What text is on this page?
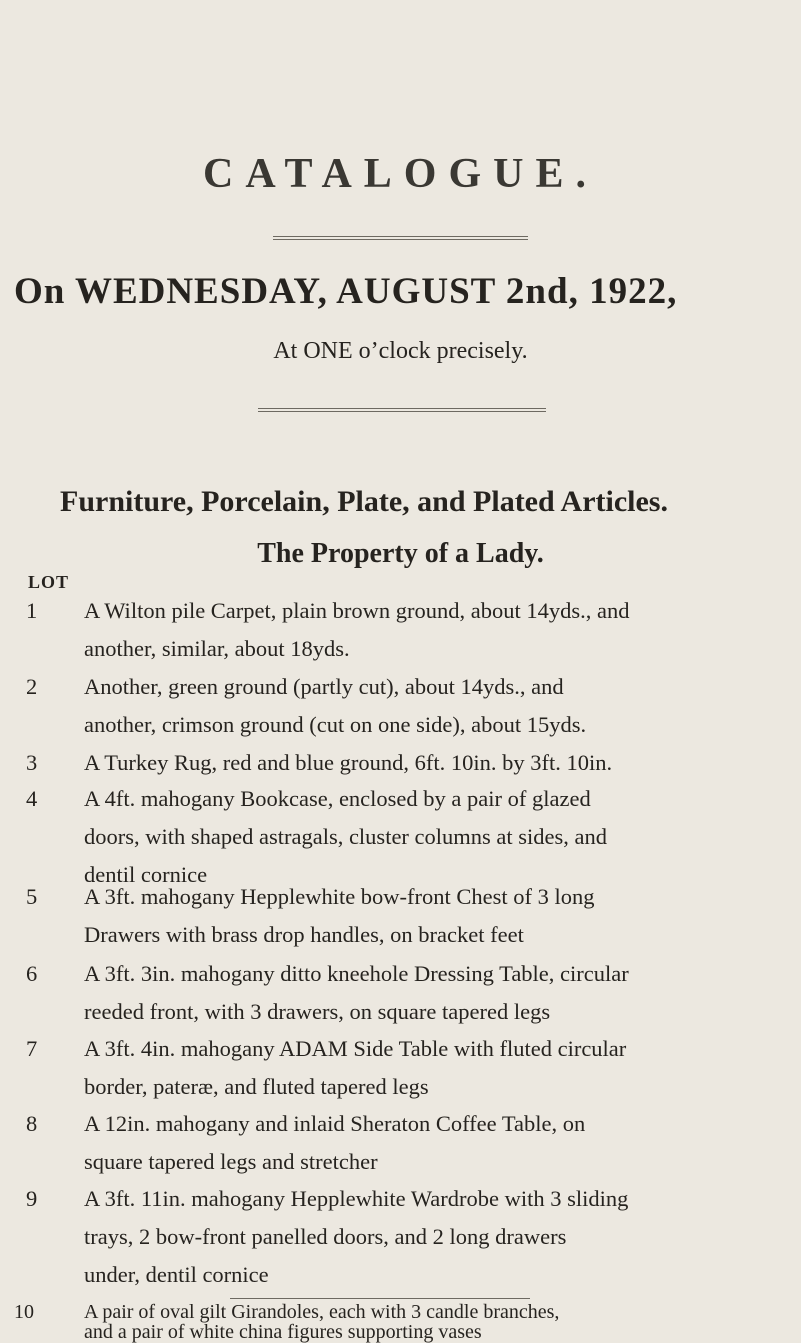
CATALOGUE.
On WEDNESDAY, AUGUST 2nd, 1922,
At ONE o’clock precisely.
Furniture, Porcelain, Plate, and Plated Articles.
The Property of a Lady.
LOT
1	A Wilton pile Carpet, plain brown ground, about 14yds., and
another, similar, about 18yds.
2	Another, green ground (partly cut), about 14yds., and
another, crimson ground (cut on one side), about 15yds.
3	A Turkey Rug, red and blue ground, 6ft. 10in. by 3ft. 10in.
4	A 4ft. mahogany Bookcase, enclosed by a pair of glazed
doors, with shaped astragals, cluster columns at sides, and
dentil cornice
5	A 3ft. mahogany Hepplewhite bow-front Chest of 3 long
Drawers with brass drop handles, on bracket feet
6	A 3ft. 3in. mahogany ditto kneehole Dressing Table, circular
reeded front, with 3 drawers, on square tapered legs
7	A 3ft. 4in. mahogany ADAM Side Table with fluted circular
border, pateræ, and fluted tapered legs
8	A 12in. mahogany and inlaid Sheraton Coffee Table, on
square tapered legs and stretcher
9	A 3ft. 11in. mahogany Hepplewhite Wardrobe with 3 sliding
trays, 2 bow-front panelled doors, and 2 long drawers
under, dentil cornice
10	A pair of oval gilt Girandoles, each with 3 candle branches,
and a pair of white china figures supporting vases
